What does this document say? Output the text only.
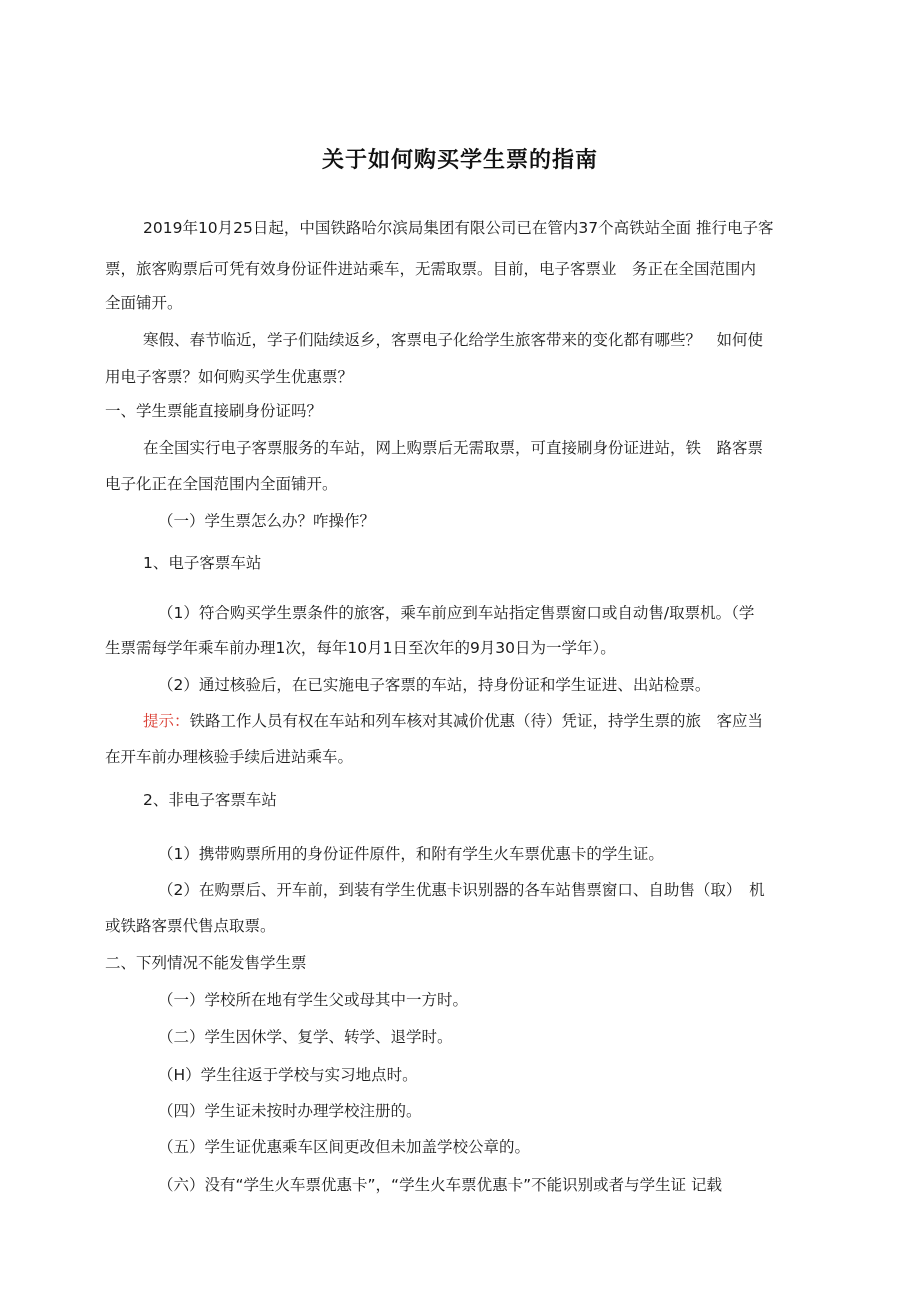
关于如何购买学生票的指南
2019年10月25日起，中国铁路哈尔滨局集团有限公司已在管内37个高铁站全面 推行电子客
票，旅客购票后可凭有效身份证件进站乘车，无需取票。目前，电子客票业　务正在全国范围内
全面铺开。
寒假、春节临近，学子们陆续返乡，客票电子化给学生旅客带来的变化都有哪些？　如何使
用电子客票？如何购买学生优惠票？
一、学生票能直接刷身份证吗？
在全国实行电子客票服务的车站，网上购票后无需取票，可直接刷身份证进站，铁　路客票
电子化正在全国范围内全面铺开。
（一）学生票怎么办？咋操作？
1、电子客票车站
（1）符合购买学生票条件的旅客，乘车前应到车站指定售票窗口或自动售/取票机。（学
生票需每学年乘车前办理1次，每年10月1日至次年的9月30日为一学年）。
（2）通过核验后，在已实施电子客票的车站，持身份证和学生证进、出站检票。
提示：铁路工作人员有权在车站和列车核对其减价优惠（待）凭证，持学生票的旅　客应当
在开车前办理核验手续后进站乘车。
2、非电子客票车站
（1）携带购票所用的身份证件原件，和附有学生火车票优惠卡的学生证。
（2）在购票后、开车前，到装有学生优惠卡识别器的各车站售票窗口、自助售（取）　机
或铁路客票代售点取票。
二、下列情况不能发售学生票
（一）学校所在地有学生父或母其中一方时。
（二）学生因休学、复学、转学、退学时。
（H）学生往返于学校与实习地点时。
（四）学生证未按时办理学校注册的。
（五）学生证优惠乘车区间更改但未加盖学校公章的。
（六）没有“学生火车票优惠卡”，“学生火车票优惠卡”不能识别或者与学生证 记载
